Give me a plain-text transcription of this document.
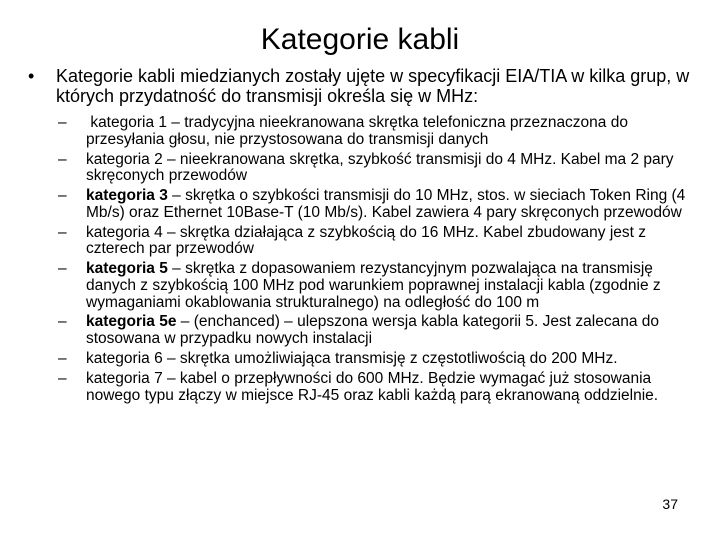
Kategorie kabli
•	Kategorie kabli miedzianych zostały ujęte w specyfikacji EIA/TIA w kilka grup, w których przydatność do transmisji określa się w MHz:
–	kategoria 1 – tradycyjna nieekranowana skrętka telefoniczna przeznaczona do przesyłania głosu, nie przystosowana do transmisji danych
–	kategoria 2 – nieekranowana skrętka, szybkość transmisji do 4 MHz. Kabel ma 2 pary skręconych przewodów
–	kategoria 3 – skrętka o szybkości transmisji do 10 MHz, stos. w sieciach Token Ring (4 Mb/s) oraz Ethernet 10Base-T (10 Mb/s). Kabel zawiera 4 pary skręconych przewodów
–	kategoria 4 – skrętka działająca z szybkością do 16 MHz. Kabel zbudowany jest z czterech par przewodów
–	kategoria 5 – skrętka z dopasowaniem rezystancyjnym pozwalająca na transmisję danych z szybkością 100 MHz pod warunkiem poprawnej instalacji kabla (zgodnie z wymaganiami okablowania strukturalnego) na odległość do 100 m
–	kategoria 5e – (enchanced) – ulepszona wersja kabla kategorii 5. Jest zalecana do stosowana w przypadku nowych instalacji
–	kategoria 6 – skrętka umożliwiająca transmisję z częstotliwością do 200 MHz.
–	kategoria 7 – kabel o przepływności do 600 MHz. Będzie wymagać już stosowania nowego typu złączy w miejsce RJ-45 oraz kabli każdą parą ekranowaną oddzielnie.
37
